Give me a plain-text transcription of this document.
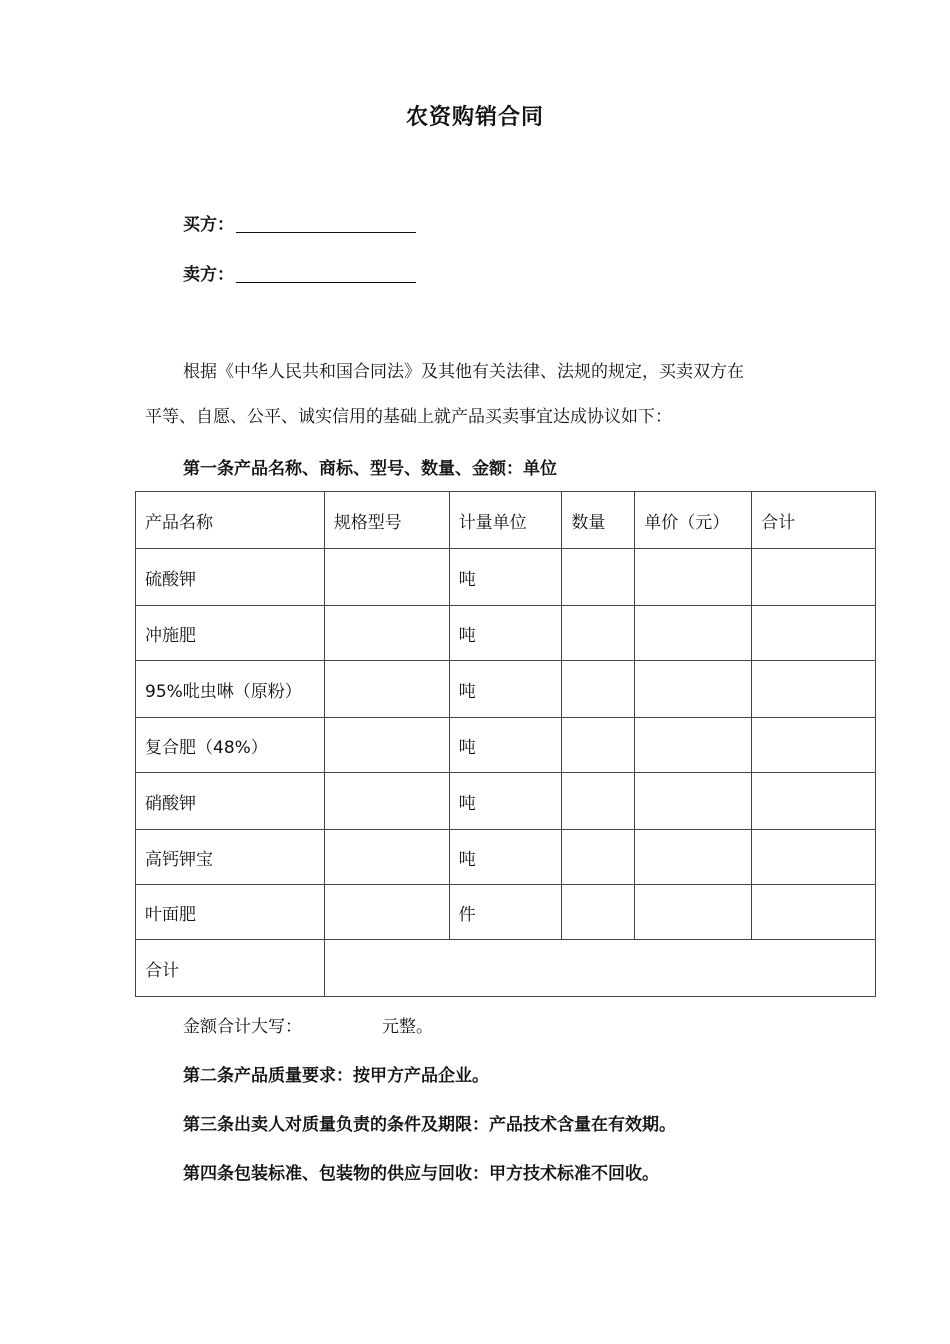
农资购销合同
买方：
卖方：
根据《中华人民共和国合同法》及其他有关法律、法规的规定，买卖双方在
平等、自愿、公平、诚实信用的基础上就产品买卖事宜达成协议如下：
第一条产品名称、商标、型号、数量、金额：单位
产品名称	规格型号	计量单位	数量	单价（元）	合计
硫酸钾		吨			
冲施肥		吨			
95%吡虫啉（原粉）		吨			
复合肥（48%）		吨			
硝酸钾		吨			
高钙钾宝		吨			
叶面肥		件			
合计					
金额合计大写：	元整。
第二条产品质量要求：按甲方产品企业。
第三条出卖人对质量负责的条件及期限：产品技术含量在有效期。
第四条包装标准、包装物的供应与回收：甲方技术标准不回收。
